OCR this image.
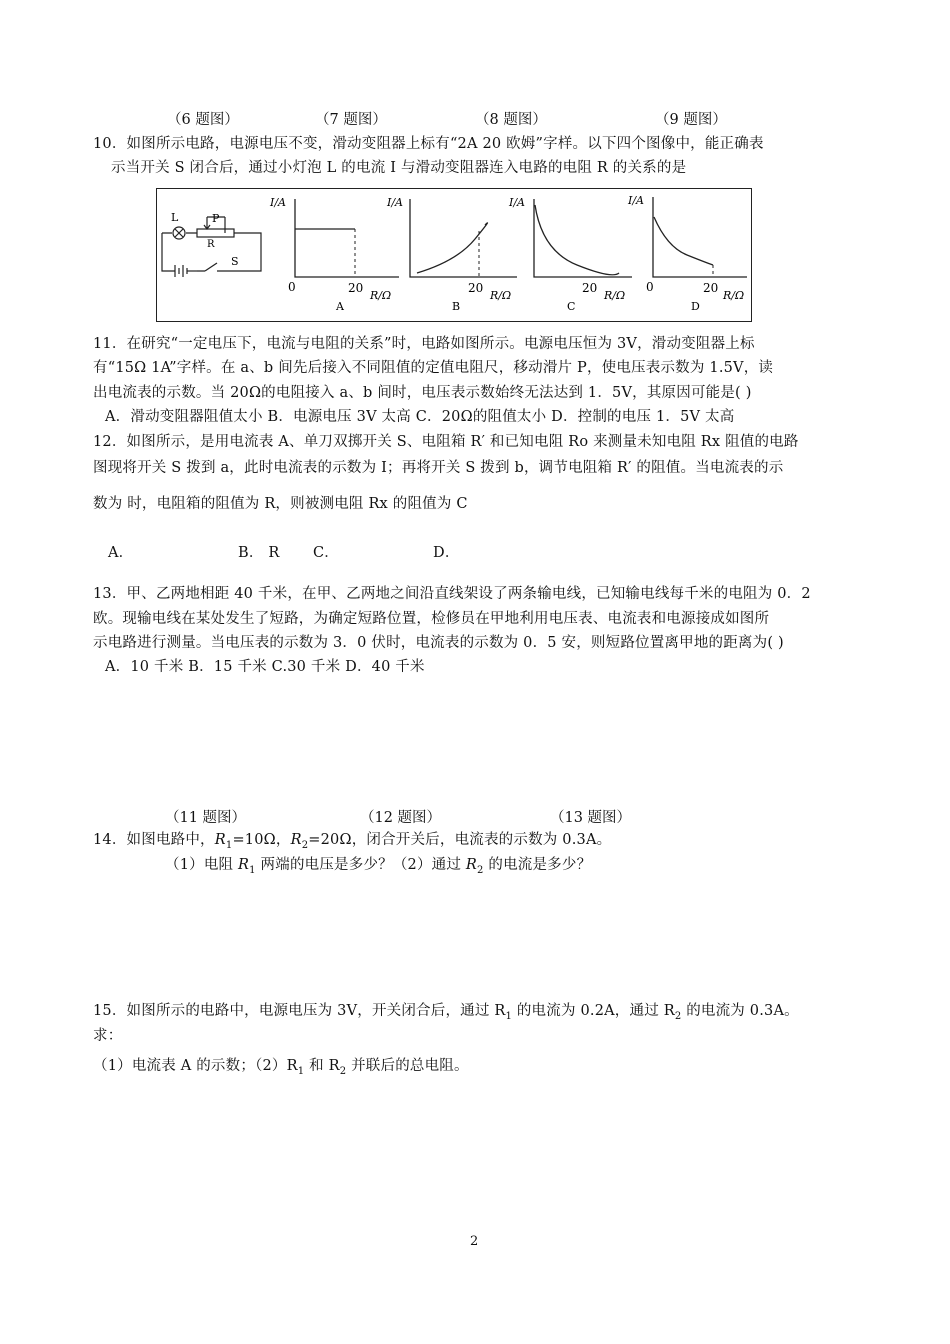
（6 题图）	（7 题图）	（8 题图）	（9 题图）
10．如图所示电路，电源电压不变，滑动变阻器上标有“2A 20 欧姆”字样。以下四个图像中，能正确表
示当开关 S 闭合后，通过小灯泡 L 的电流 I 与滑动变阻器连入电路的电阻 R 的关系的是
L	P
R
S
I/A
0	20
R/Ω
A
I/A
20
R/Ω
B
I/A
20
R/Ω
C
I/A
0	20
R/Ω
D
11．在研究“一定电压下，电流与电阻的关系”时，电路如图所示。电源电压恒为 3V，滑动变阻器上标
有“15Ω 1A”字样。在 a、b 间先后接入不同阻值的定值电阻尺，移动滑片 P，使电压表示数为 1.5V，读
出电流表的示数。当 20Ω的电阻接入 a、b 间时，电压表示数始终无法达到 1．5V，其原因可能是( )
A．滑动变阻器阻值太小 B．电源电压 3V 太高 C．20Ω的阻值太小 D．控制的电压 1．5V 太高
12．如图所示，是用电流表 A、单刀双掷开关 S、电阻箱 R′ 和已知电阻 Ro 来测量未知电阻 Rx 阻值的电路
图现将开关 S 拨到 a，此时电流表的示数为 I；再将开关 S 拨到 b，调节电阻箱 R′ 的阻值。当电流表的示
数为 时，电阻箱的阻值为 R，则被测电阻 Rx 的阻值为 C
A．	B． R C．	D．
13．甲、乙两地相距 40 千米，在甲、乙两地之间沿直线架设了两条输电线，已知输电线每千米的电阻为 0．2
欧。现输电线在某处发生了短路，为确定短路位置，检修员在甲地利用电压表、电流表和电源接成如图所
示电路进行测量。当电压表的示数为 3．0 伏时，电流表的示数为 0．5 安，则短路位置离甲地的距离为( )
A．10 千米 B．15 千米 C.30 千米 D．40 千米
（11 题图）	（12 题图）	（13 题图）
14．如图电路中，$R_1=10\Omega$，$R_2=20\Omega$，闭合开关后，电流表的示数为 0.3A。
（1）电阻 $R_1$ 两端的电压是多少？（2）通过 $R_2$ 的电流是多少？
15．如图所示的电路中，电源电压为 3V，开关闭合后，通过 $R_1$ 的电流为 0.2A，通过 $R_2$ 的电流为 0.3A。
求：
（1）电流表 A 的示数；$(2)R_1$ 和 $R_2$ 并联后的总电阻。
2
